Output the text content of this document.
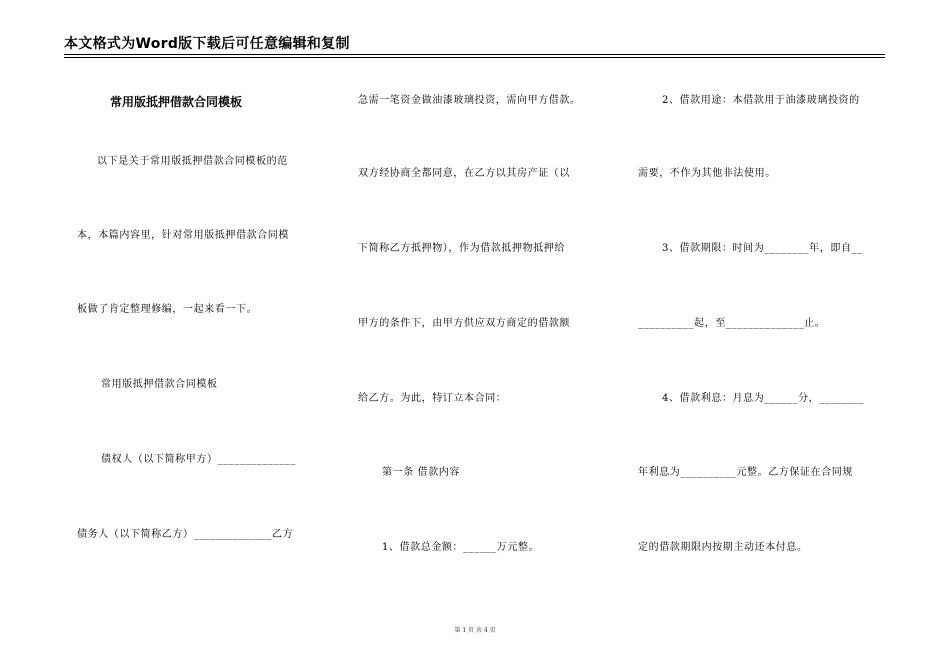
本文格式为Word版下载后可任意编辑和复制
常用版抵押借款合同模板
以下是关于常用版抵押借款合同模板的范
本，本篇内容里，针对常用版抵押借款合同模
板做了肯定整理修编，一起来看一下。
常用版抵押借款合同模板
债权人（以下简称甲方）______________
债务人（以下简称乙方）______________乙方
急需一笔资金做油漆玻璃投资，需向甲方借款。
双方经协商全都同意，在乙方以其房产证（以
下简称乙方抵押物），作为借款抵押物抵押给
甲方的条件下，由甲方供应双方商定的借款额
给乙方。为此，特订立本合同：
第一条 借款内容
1、借款总金额：______万元整。
2、借款用途：本借款用于油漆玻璃投资的
需要，不作为其他非法使用。
3、借款期限：时间为________年，即自__
__________起，至______________止。
4、借款利息：月息为______分，________
年利息为__________元整。乙方保证在合同规
定的借款期限内按期主动还本付息。
第 1 页 共 4 页
